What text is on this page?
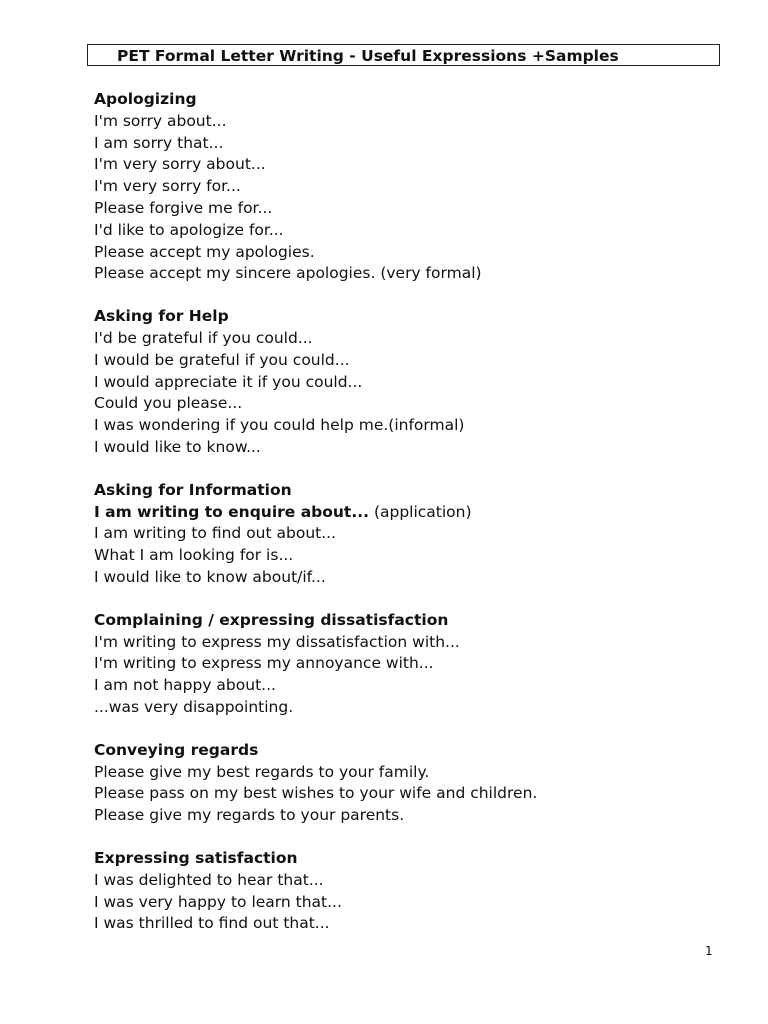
PET Formal Letter Writing - Useful Expressions +Samples
Apologizing
I'm sorry about...
I am sorry that...
I'm very sorry about...
I'm very sorry for...
Please forgive me for...
I'd like to apologize for...
Please accept my apologies.
Please accept my sincere apologies. (very formal)
Asking for Help
I'd be grateful if you could...
I would be grateful if you could...
I would appreciate it if you could...
Could you please...
I was wondering if you could help me.(informal)
I would like to know...
Asking for Information
I am writing to enquire about... (application)
I am writing to find out about...
What I am looking for is...
I would like to know about/if...
Complaining / expressing dissatisfaction
I'm writing to express my dissatisfaction with...
I'm writing to express my annoyance with...
I am not happy about...
...was very disappointing.
Conveying regards
Please give my best regards to your family.
Please pass on my best wishes to your wife and children.
Please give my regards to your parents.
Expressing satisfaction
I was delighted to hear that...
I was very happy to learn that...
I was thrilled to find out that...
1
